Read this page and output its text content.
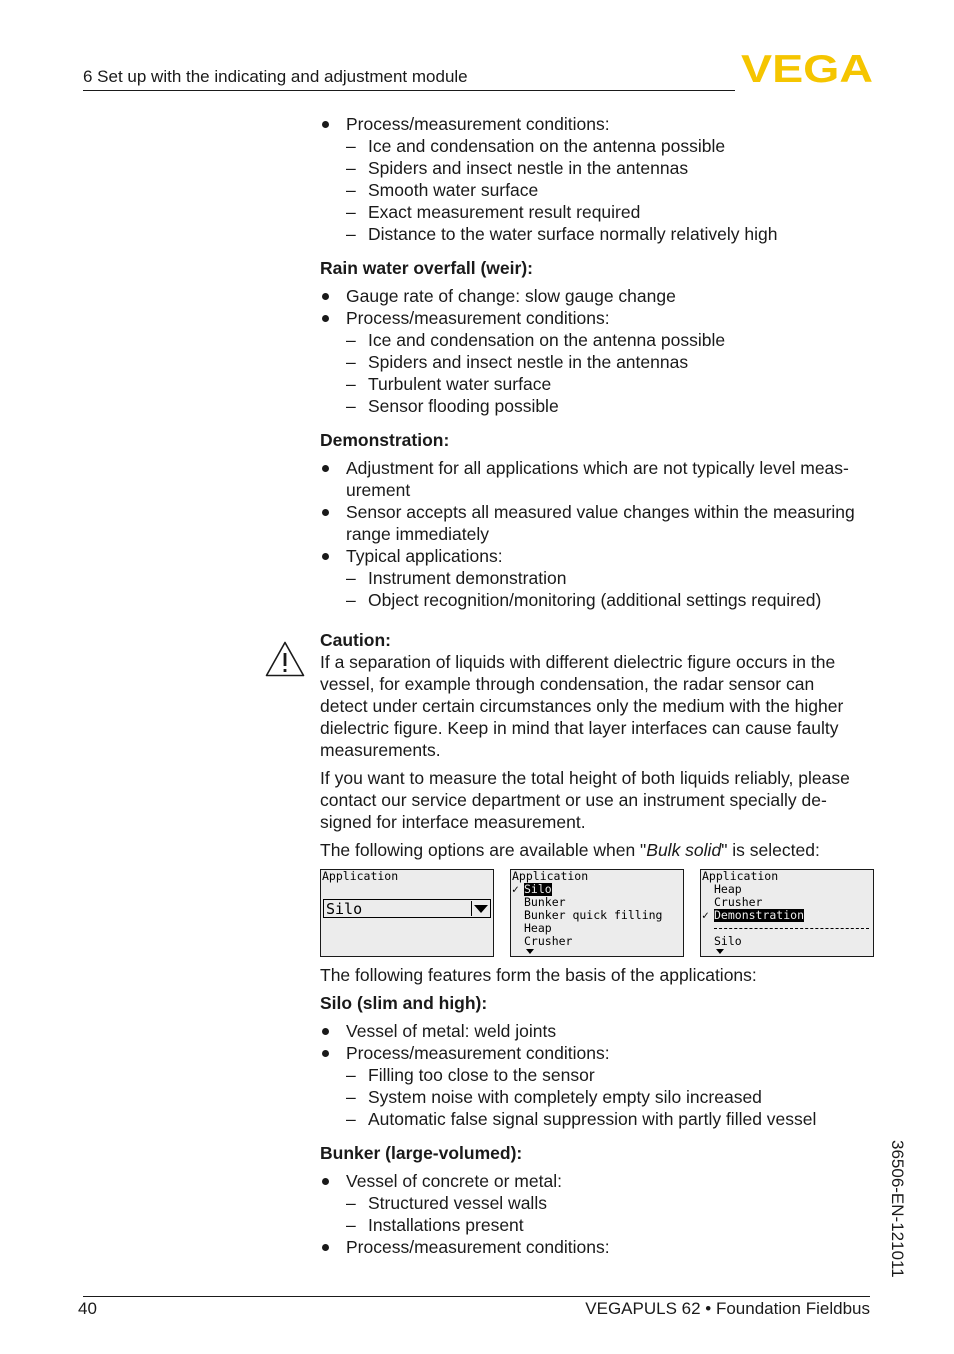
6 Set up with the indicating and adjustment module	VEGA

Process/measurement conditions:

– Ice and condensation on the antenna possible

– Spiders and insect nestle in the antennas

– Smooth water surface

– Exact measurement result required

– Distance to the water surface normally relatively high

Rain water overfall (weir):

Gauge rate of change: slow gauge change

Process/measurement conditions:

– Ice and condensation on the antenna possible

– Spiders and insect nestle in the antennas

– Turbulent water surface

– Sensor flooding possible

Demonstration:

Adjustment for all applications which are not typically level meas-
urement
Sensor accepts all measured value changes within the measuring
range immediately

Typical applications:

– Instrument demonstration

– Object recognition/monitoring (additional settings required)

Caution:

If a separation of liquids with different dielectric figure occurs in the
vessel, for example through condensation, the radar sensor can
detect under certain circumstances only the medium with the higher
dielectric figure. Keep in mind that layer interfaces can cause faulty
measurements.
If you want to measure the total height of both liquids reliably, please
contact our service department or use an instrument specially de-
signed for interface measurement.

The following options are available when "Bulk solid" is selected:

Application
Silo
Application
✓ Silo
Bunker
Bunker quick filling
Heap
Crusher
Application
Heap
Crusher
✓ Demonstration
Silo

The following features form the basis of the applications:

Silo (slim and high):

Vessel of metal: weld joints

Process/measurement conditions:

– Filling too close to the sensor

– System noise with completely empty silo increased

– Automatic false signal suppression with partly filled vessel

Bunker (large-volumed):

Vessel of concrete or metal:

– Structured vessel walls

– Installations present

Process/measurement conditions:	36506-EN-121011
40	VEGAPULS 62 • Foundation Fieldbus
